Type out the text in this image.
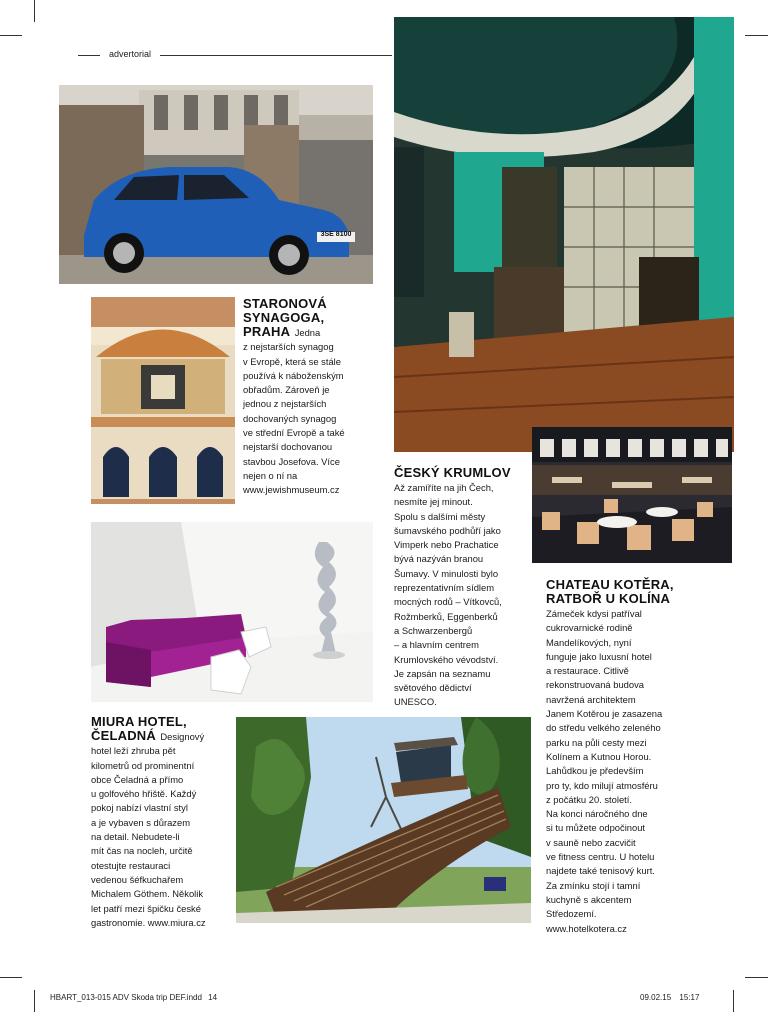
advertorial
3SE 8100
STARONOVÁ
SYNAGOGA,
PRAHA Jedna
z nejstarších synagog
v Evropě, která se stále
používá k náboženským
obřadům. Zároveň je
jednou z nejstarších
dochovaných synagog
ve střední Evropě a také
nejstarší dochovanou
stavbou Josefova. Více
nejen o ní na
www.jewishmuseum.cz
ČESKÝ KRUMLOV
Až zamíříte na jih Čech,
nesmíte jej minout.
Spolu s dalšími městy
šumavského podhůří jako
Vimperk nebo Prachatice
bývá nazýván branou
Šumavy. V minulosti bylo
reprezentativním sídlem
mocných rodů – Vítkovců,
Rožmberků, Eggenberků
a Schwarzenbergů
– a hlavním centrem
Krumlovského vévodství.
Je zapsán na seznamu
světového dědictví
UNESCO.
CHATEAU KOTĚRA,
RATBOŘ U KOLÍNA
Zámeček kdysi patříval
cukrovarnické rodině
Mandelíkových, nyní
funguje jako luxusní hotel
a restaurace. Citlivě
rekonstruovaná budova
navržená architektem
Janem Kotěrou je zasazena
do středu velkého zeleného
parku na půli cesty mezi
Kolínem a Kutnou Horou.
Lahůdkou je především
pro ty, kdo milují atmosféru
z počátku 20. století.
Na konci náročného dne
si tu můžete odpočinout
v sauně nebo zacvičit
ve fitness centru. U hotelu
najdete také tenisový kurt.
Za zmínku stojí i tamní
kuchyně s akcentem
Středozemí.
www.hotelkotera.cz
MIURA HOTEL,
ČELADNÁ Designový
hotel leží zhruba pět
kilometrů od prominentní
obce Čeladná a přímo
u golfového hřiště. Každý
pokoj nabízí vlastní styl
a je vybaven s důrazem
na detail. Nebudete-li
mít čas na nocleh, určitě
otestujte restauraci
vedenou šéfkuchařem
Michalem Göthem. Několik
let patří mezi špičku české
gastronomie. www.miura.cz
HBART_013-015 ADV Skoda trip DEF.indd 14	09.02.15 15:17
